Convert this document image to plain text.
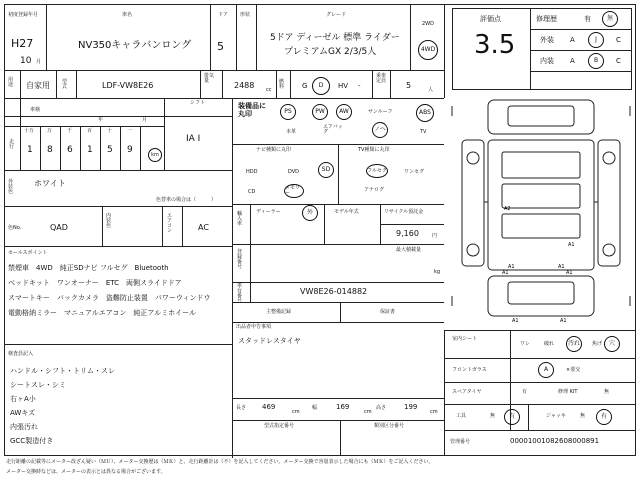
初度登録年月
H27
10 月
車名
NV350キャラバンロング
ドア
5
形状	グレード
5ドア ディーゼル 標準 ライダー
プレミアムGX 2/3/5人
2WD
4WD
用途	自家用 型式	LDF-VW8E26
排気量	2488 cc
燃料	G D HV -
乗車定員 5	人
評価点
3.5
修理歴	有	無
外装 A	J	C
内装 A	B	C
車検
年	月
十万	万	千	百	十	一
走行 1 8 6 1 5 9	km
シフト
IA I
外装色
ホワイト
色替車の場合は（　　　）
色No.	QAD
内装色
エアコン	AC
セールスポイント
禁煙車　4WD　純正SDナビ フルセグ　Bluetooth
ベッドキット　ワンオーナー　ETC　両側スライドドア
スマートキー　バックカメラ　盗難防止装置　パワーウィンドウ
電動格納ミラー　マニュアルエアコン　純正アルミホイール
検査員記入
ハンドル・シフト・トリム・スレ
シートスレ・シミ
右ヶA小
AWキズ
内張汚れ
GCC製造付き
装備品に丸印	PS	PW AW	サンルーフ	ABS
本革
エアバッグ	ノヘ	TV
ナビ種類に丸印
HDD	DVD	SD
CD
メモリー
TV種類に丸印
フルセグ	ワンセグ
アナログ
輸入車
ディーラー	外	モデル年式	リサイクル預託金
9,160	円
最大積載量
kg
登録番号
車台番号
VW8E26-014882
主整備記録	保証書
出品者申告事項
スタッドレスタイヤ
長さ 469
cm
幅	169
cm
高さ	199
cm
型式指定番号	類別区分番号
室内シート
ワレ	破れ 汚れ 焦げ 穴
フロントガラス	A	×要交
スペアタイヤ	有	修理 KIT	無
工具	有
無	ジャッキ	無	有
管理番号	00001001082608000891
A1	A1
A1	A1
A2
A1
A1	A1
走行距離の記載等にメーター改ざん疑い（ＭＵ）、メーター交換歴は（ＭＫ）と、走行距離計は（不）を記入してください。メーター交換で容量表示した場合にも（ＭＫ）をご記入ください。
メーター交換時などは、メーターの表示とは異なる場合がございます。
